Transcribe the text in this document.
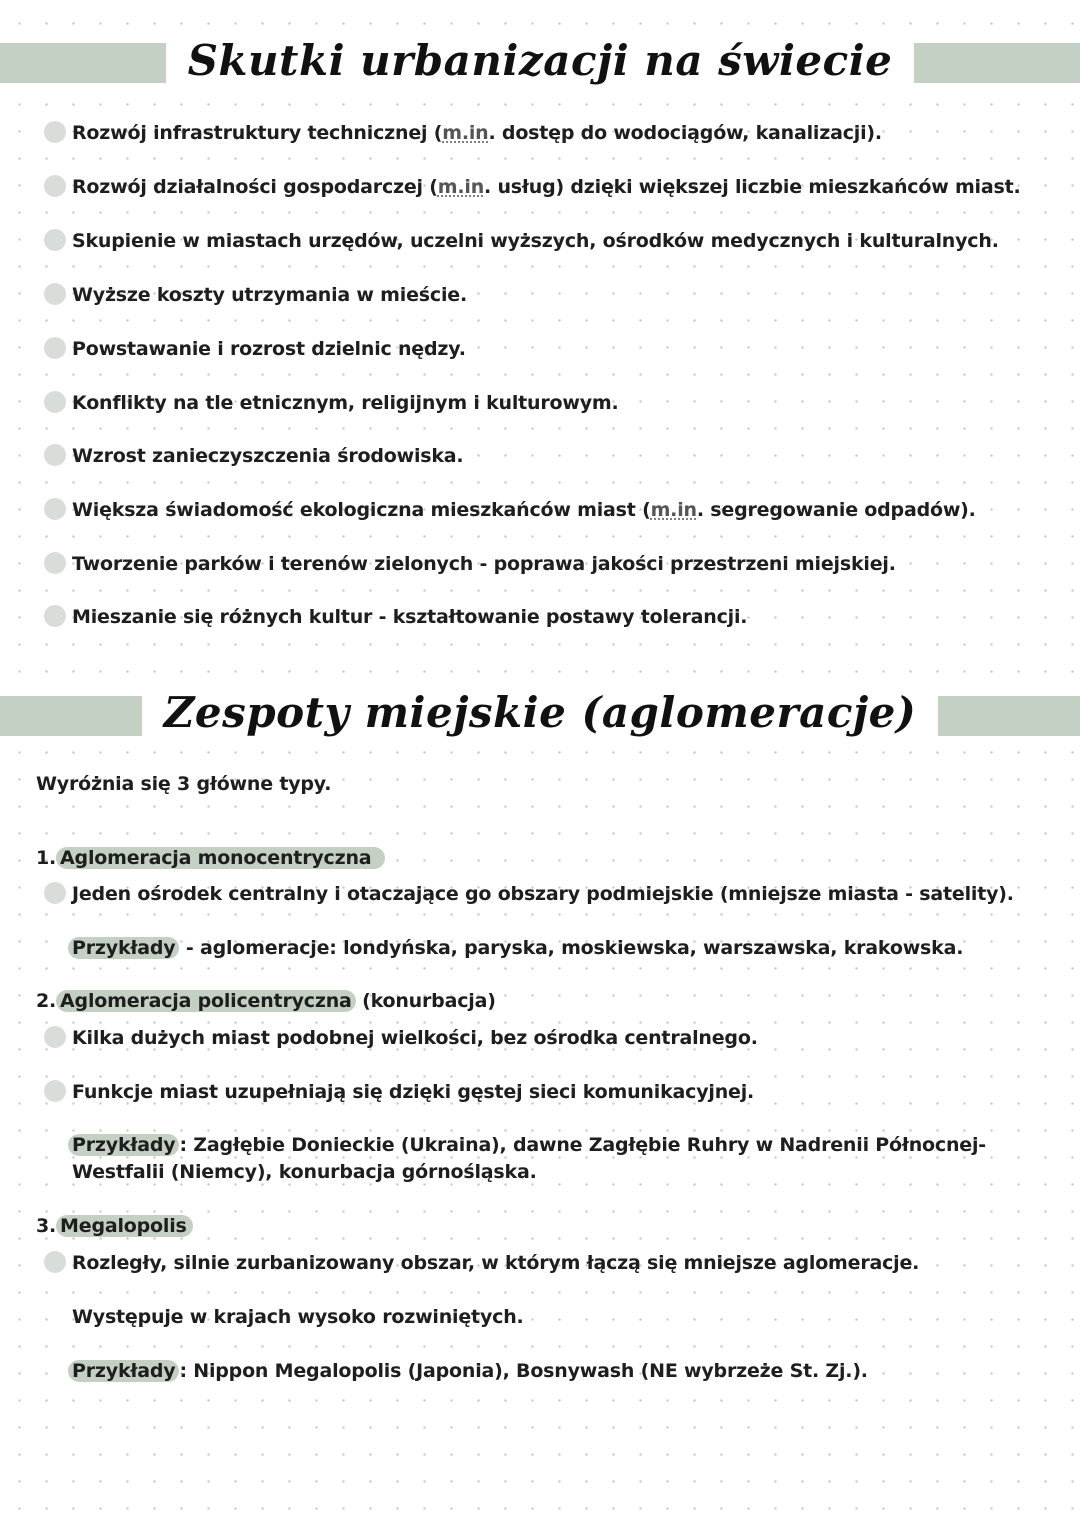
Skutki urbanizacji na świecie
Rozwój infrastruktury technicznej (m.in. dostęp do wodociągów, kanalizacji).
Rozwój działalności gospodarczej (m.in. usług) dzięki większej liczbie mieszkańców miast.
Skupienie w miastach urzędów, uczelni wyższych, ośrodków medycznych i kulturalnych.
Wyższe koszty utrzymania w mieście.
Powstawanie i rozrost dzielnic nędzy.
Konflikty na tle etnicznym, religijnym i kulturowym.
Wzrost zanieczyszczenia środowiska.
Większa świadomość ekologiczna mieszkańców miast (m.in. segregowanie odpadów).
Tworzenie parków i terenów zielonych - poprawa jakości przestrzeni miejskiej.
Mieszanie się różnych kultur - kształtowanie postawy tolerancji.
Zespoty miejskie (aglomeracje)
Wyróżnia się 3 główne typy.
1. Aglomeracja monocentryczna
Jeden ośrodek centralny i otaczające go obszary podmiejskie (mniejsze miasta - satelity).
Przykłady - aglomeracje: londyńska, paryska, moskiewska, warszawska, krakowska.
2. Aglomeracja policentryczna (konurbacja)
Kilka dużych miast podobnej wielkości, bez ośrodka centralnego.
Funkcje miast uzupełniają się dzięki gęstej sieci komunikacyjnej.
Przykłady : Zagłębie Donieckie (Ukraina), dawne Zagłębie Ruhry w Nadrenii Północnej-
Westfalii (Niemcy), konurbacja górnośląska.
3. Megalopolis
Rozległy, silnie zurbanizowany obszar, w którym łączą się mniejsze aglomeracje.
Występuje w krajach wysoko rozwiniętych.
Przykłady : Nippon Megalopolis (Japonia), Bosnywash (NE wybrzeże St. Zj.).
